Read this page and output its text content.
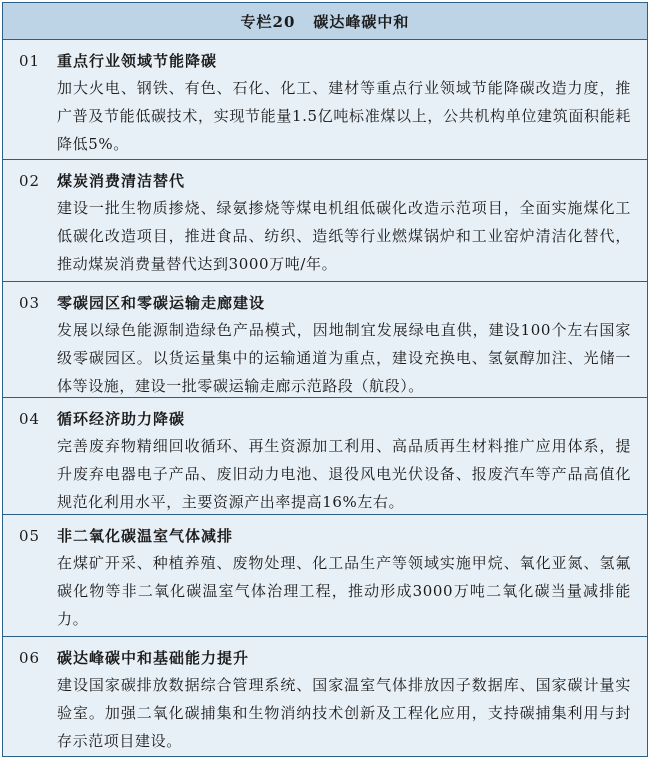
专栏20 碳达峰碳中和
01	重点行业领域节能降碳
加大火电、钢铁、有色、石化、化工、建材等重点行业领域节能降碳改造力度，推广普及节能低碳技术，实现节能量1.5亿吨标准煤以上，公共机构单位建筑面积能耗降低5%。
02	煤炭消费清洁替代
建设一批生物质掺烧、绿氨掺烧等煤电机组低碳化改造示范项目，全面实施煤化工低碳化改造项目，推进食品、纺织、造纸等行业燃煤锅炉和工业窑炉清洁化替代，推动煤炭消费量替代达到3000万吨/年。
03	零碳园区和零碳运输走廊建设
发展以绿色能源制造绿色产品模式，因地制宜发展绿电直供，建设100个左右国家级零碳园区。以货运量集中的运输通道为重点，建设充换电、氢氨醇加注、光储一体等设施，建设一批零碳运输走廊示范路段（航段）。
04	循环经济助力降碳
完善废弃物精细回收循环、再生资源加工利用、高品质再生材料推广应用体系，提升废弃电器电子产品、废旧动力电池、退役风电光伏设备、报废汽车等产品高值化规范化利用水平，主要资源产出率提高16%左右。
05	非二氧化碳温室气体减排
在煤矿开采、种植养殖、废物处理、化工品生产等领域实施甲烷、氧化亚氮、氢氟碳化物等非二氧化碳温室气体治理工程，推动形成3000万吨二氧化碳当量减排能力。
06	碳达峰碳中和基础能力提升
建设国家碳排放数据综合管理系统、国家温室气体排放因子数据库、国家碳计量实验室。加强二氧化碳捕集和生物消纳技术创新及工程化应用，支持碳捕集利用与封存示范项目建设。
